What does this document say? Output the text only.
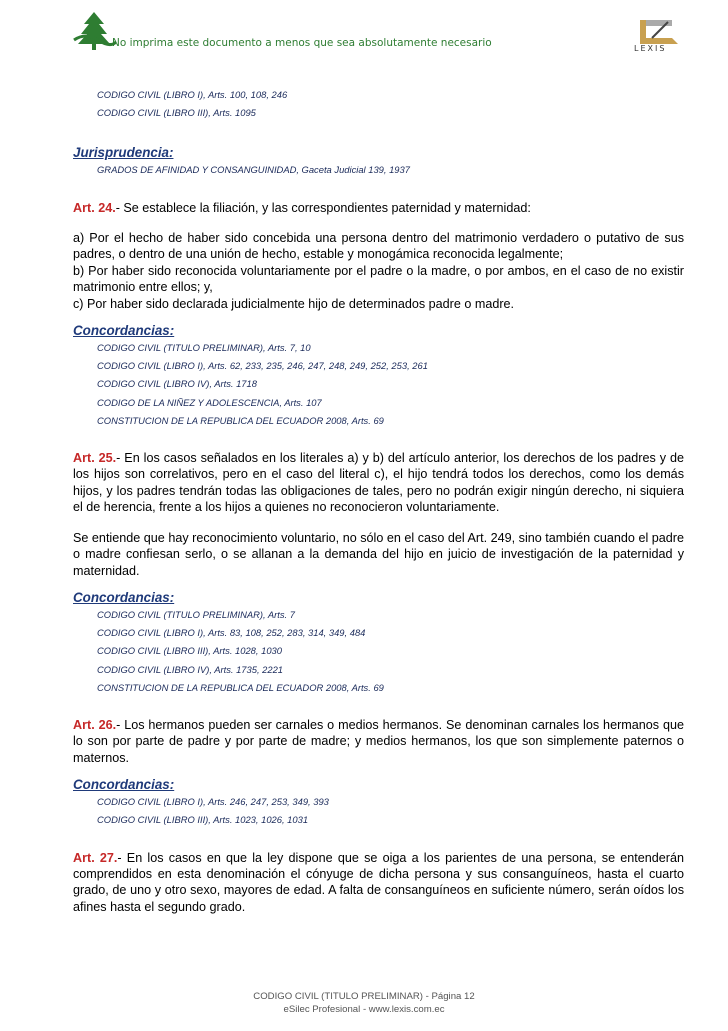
No imprima este documento a menos que sea absolutamente necesario	LEXIS
CODIGO CIVIL (LIBRO I), Arts. 100, 108, 246
CODIGO CIVIL (LIBRO III), Arts. 1095
Jurisprudencia:
GRADOS DE AFINIDAD Y CONSANGUINIDAD, Gaceta Judicial 139, 1937

Art. 24.- Se establece la filiación, y las correspondientes paternidad y maternidad:

a) Por el hecho de haber sido concebida una persona dentro del matrimonio verdadero o putativo de sus padres, o dentro de una unión de hecho, estable y monogámica reconocida legalmente;

b) Por haber sido reconocida voluntariamente por el padre o la madre, o por ambos, en el caso de no existir matrimonio entre ellos; y,

c) Por haber sido declarada judicialmente hijo de determinados padre o madre.

Concordancias:
CODIGO CIVIL (TITULO PRELIMINAR), Arts. 7, 10
CODIGO CIVIL (LIBRO I), Arts. 62, 233, 235, 246, 247, 248, 249, 252, 253, 261
CODIGO CIVIL (LIBRO IV), Arts. 1718
CODIGO DE LA NIÑEZ Y ADOLESCENCIA, Arts. 107
CONSTITUCION DE LA REPUBLICA DEL ECUADOR 2008, Arts. 69

Art. 25.- En los casos señalados en los literales a) y b) del artículo anterior, los derechos de los padres y de los hijos son correlativos, pero en el caso del literal c), el hijo tendrá todos los derechos, como los demás hijos, y los padres tendrán todas las obligaciones de tales, pero no podrán exigir ningún derecho, ni siquiera el de herencia, frente a los hijos a quienes no reconocieron voluntariamente.

Se entiende que hay reconocimiento voluntario, no sólo en el caso del Art. 249, sino también cuando el padre o madre confiesan serlo, o se allanan a la demanda del hijo en juicio de investigación de la paternidad y maternidad.

Concordancias:
CODIGO CIVIL (TITULO PRELIMINAR), Arts. 7
CODIGO CIVIL (LIBRO I), Arts. 83, 108, 252, 283, 314, 349, 484
CODIGO CIVIL (LIBRO III), Arts. 1028, 1030
CODIGO CIVIL (LIBRO IV), Arts. 1735, 2221
CONSTITUCION DE LA REPUBLICA DEL ECUADOR 2008, Arts. 69

Art. 26.- Los hermanos pueden ser carnales o medios hermanos. Se denominan carnales los hermanos que lo son por parte de padre y por parte de madre; y medios hermanos, los que son simplemente paternos o maternos.

Concordancias:
CODIGO CIVIL (LIBRO I), Arts. 246, 247, 253, 349, 393
CODIGO CIVIL (LIBRO III), Arts. 1023, 1026, 1031

Art. 27.- En los casos en que la ley dispone que se oiga a los parientes de una persona, se entenderán comprendidos en esta denominación el cónyuge de dicha persona y sus consanguíneos, hasta el cuarto grado, de uno y otro sexo, mayores de edad. A falta de consanguíneos en suficiente número, serán oídos los afines hasta el segundo grado.

CODIGO CIVIL (TITULO PRELIMINAR) - Página 12
eSilec Profesional - www.lexis.com.ec
